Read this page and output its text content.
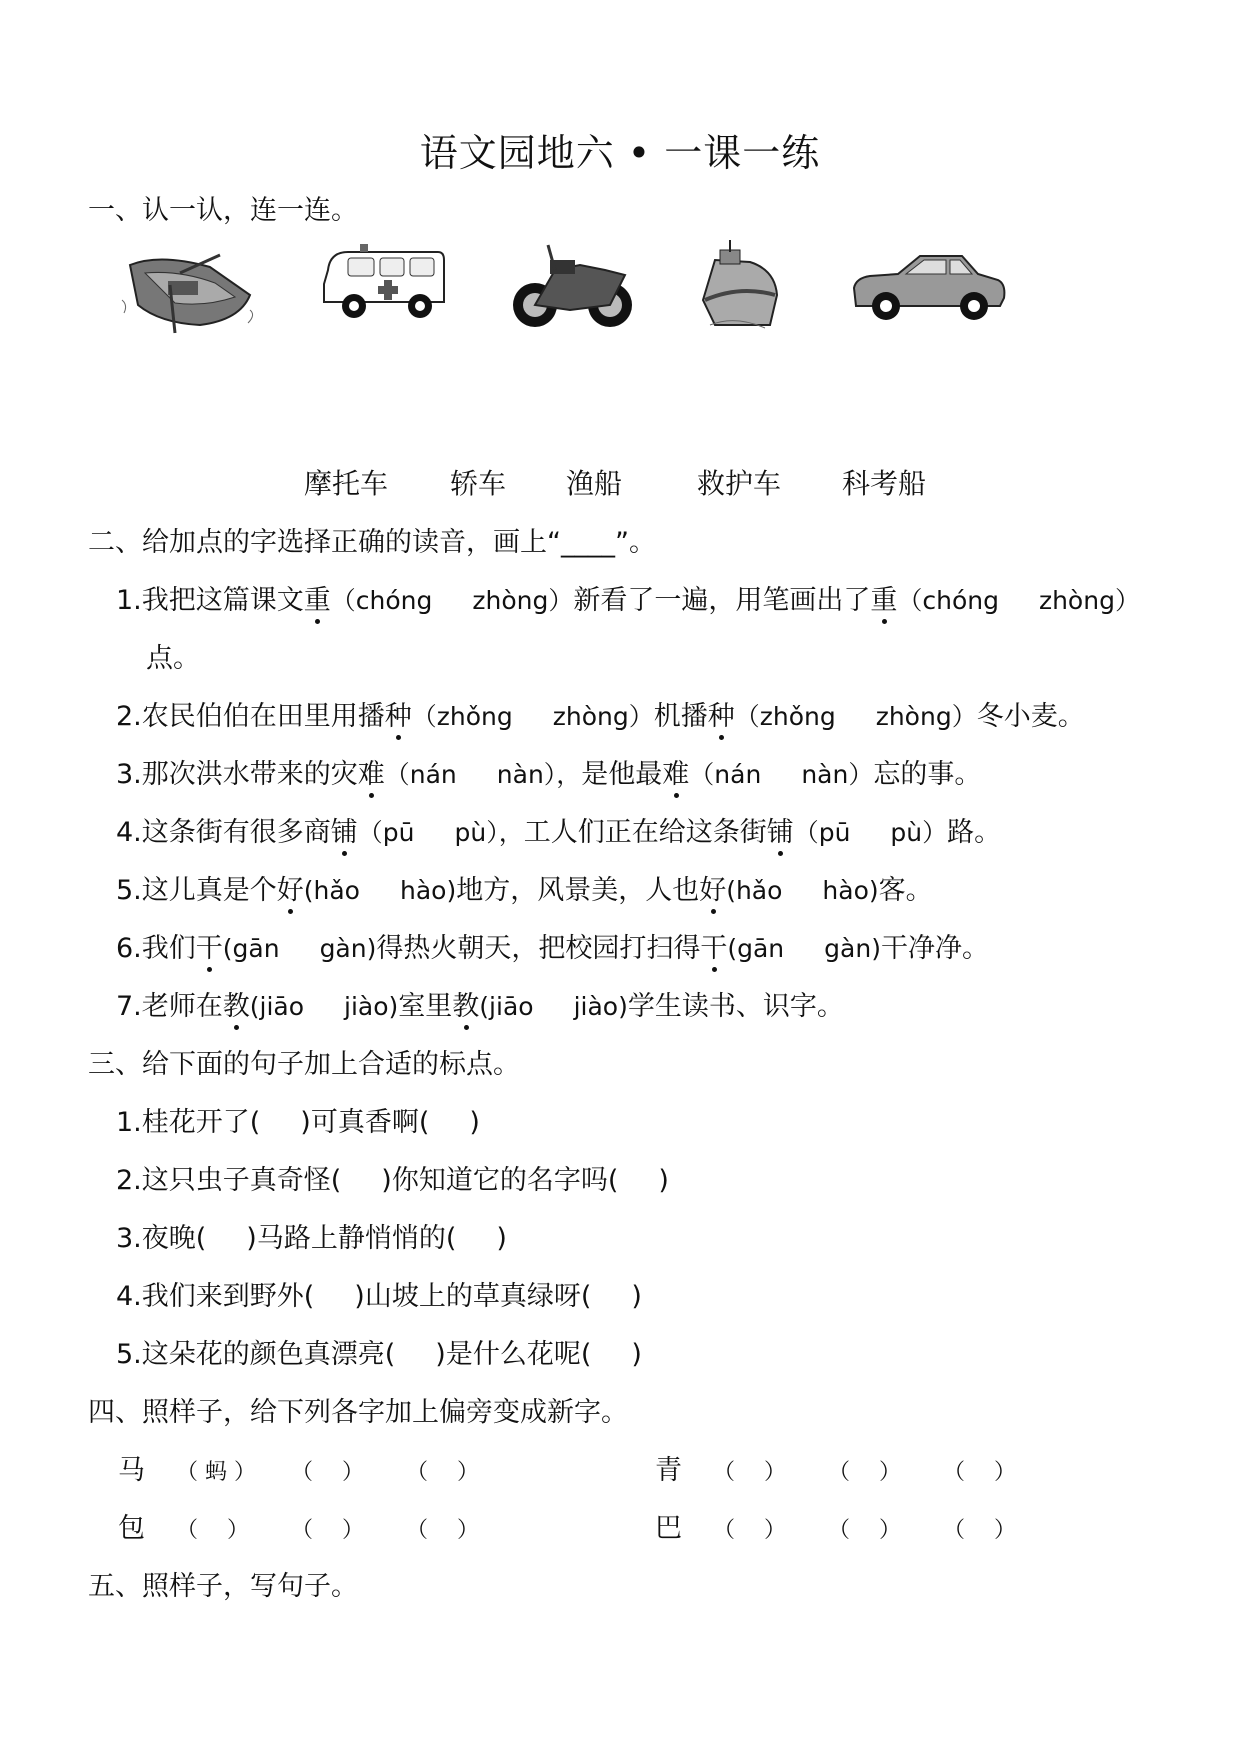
语文园地六 • 一课一练
一、认一认，连一连。
摩托车 轿车 渔船	救护车 科考船
二、给加点的字选择正确的读音，画上“____”。
1.我把这篇课文重（chóng zhòng）新看了一遍，用笔画出了重（chóng zhòng）
点。
2.农民伯伯在田里用播种（zhǒng zhòng）机播种（zhǒng zhòng）冬小麦。
3.那次洪水带来的灾难（nán nàn），是他最难（nán nàn）忘的事。
4.这条街有很多商铺（pū pù），工人们正在给这条街铺（pū pù）路。
5.这儿真是个好(hǎo hào)地方，风景美，人也好(hǎo hào)客。
6.我们干(gān gàn)得热火朝天，把校园打扫得干(gān gàn)干净净。
7.老师在教(jiāo jiào)室里教(jiāo jiào)学生读书、识字。
三、给下面的句子加上合适的标点。
1.桂花开了( )可真香啊( )
2.这只虫子真奇怪( )你知道它的名字吗( )
3.夜晚( )马路上静悄悄的( )
4.我们来到野外( )山坡上的草真绿呀( )
5.这朵花的颜色真漂亮( )是什么花呢( )
四、照样子，给下列各字加上偏旁变成新字。
马 （ 蚂 ） （　 ） （　 ）	青 （　 ） （　 ） （　 ）
包 （　 ） （　 ） （　 ）	巴 （　 ） （　 ） （　 ）
五、照样子，写句子。
